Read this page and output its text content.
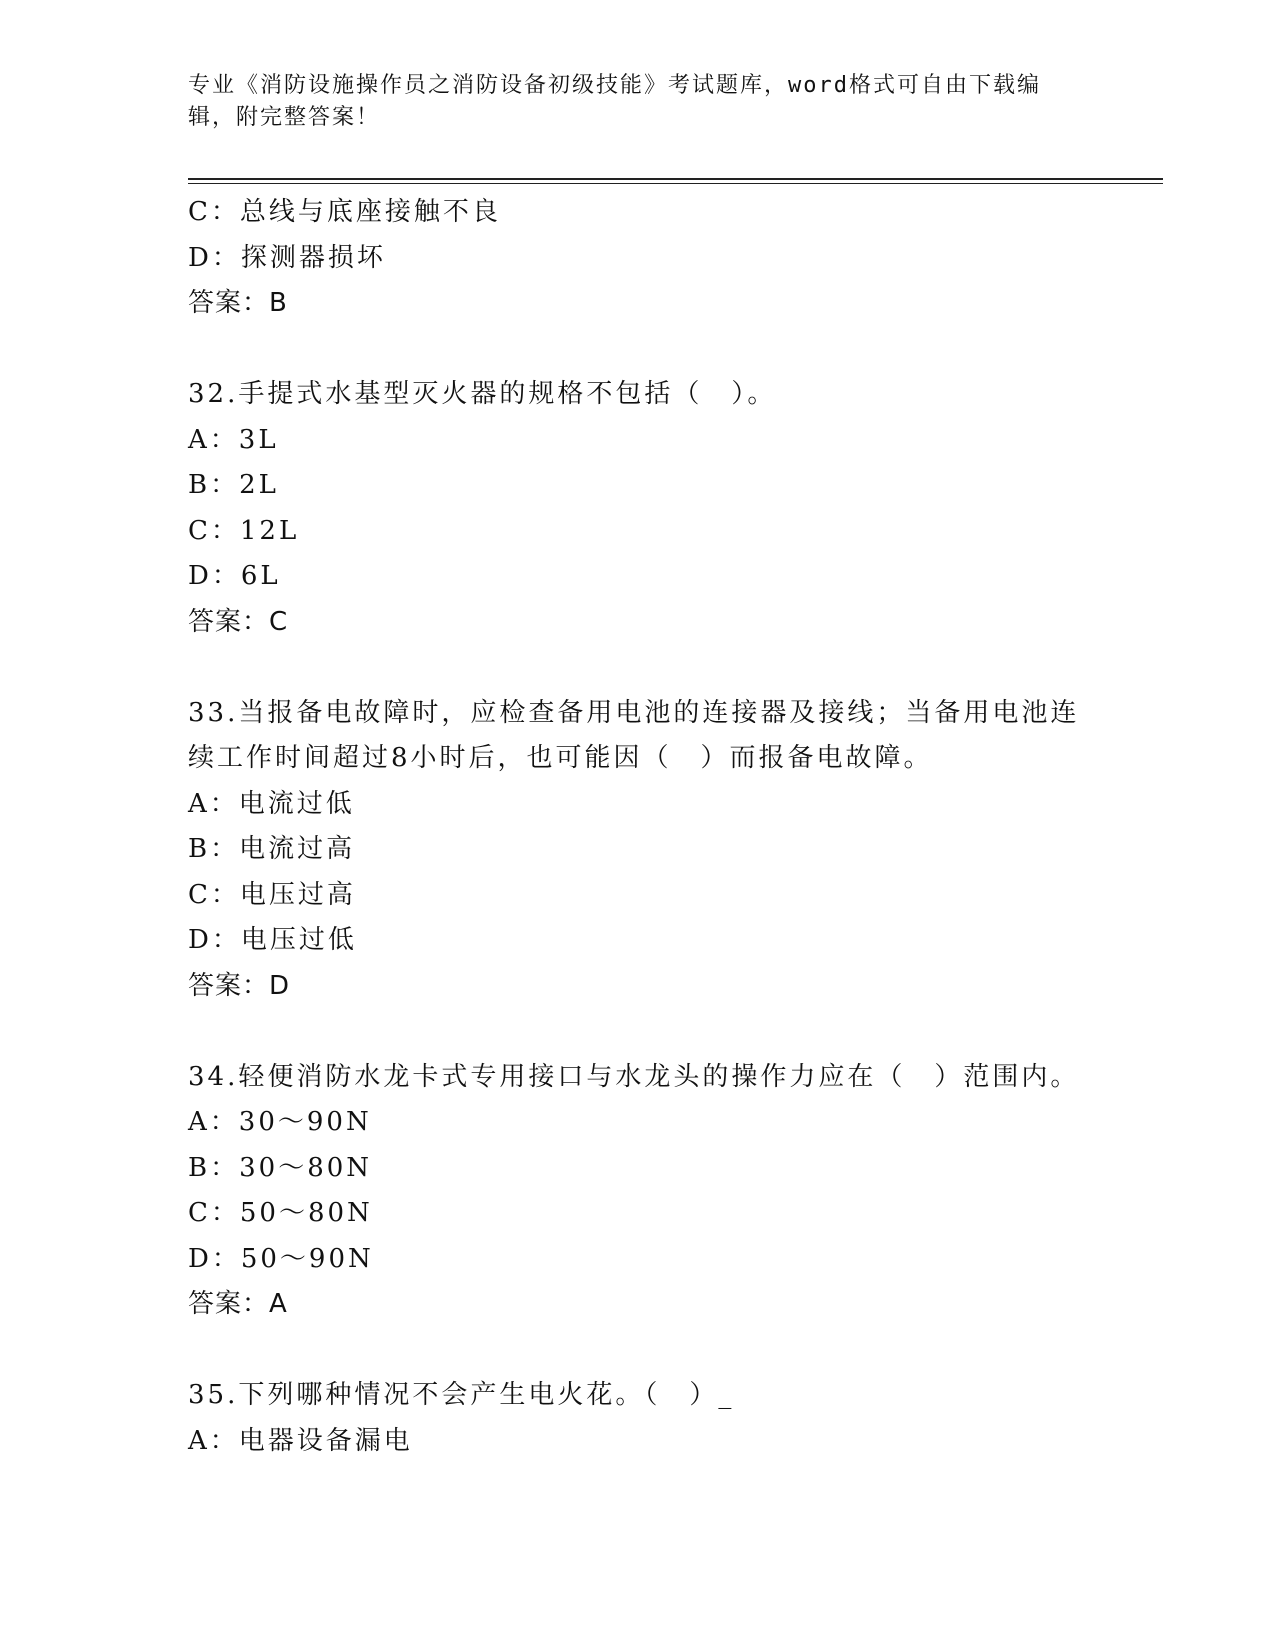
专业《消防设施操作员之消防设备初级技能》考试题库，word格式可自由下载编辑，附完整答案！
C：总线与底座接触不良
D：探测器损坏
答案：B
32.手提式水基型灭火器的规格不包括（　）。
A：3L
B：2L
C：12L
D：6L
答案：C
33.当报备电故障时，应检查备用电池的连接器及接线；当备用电池连
续工作时间超过8小时后，也可能因（　）而报备电故障。
A：电流过低
B：电流过高
C：电压过高
D：电压过低
答案：D
34.轻便消防水龙卡式专用接口与水龙头的操作力应在（　）范围内。
A：30～90N
B：30～80N
C：50～80N
D：50～90N
答案：A
35.下列哪种情况不会产生电火花。（　）_
A：电器设备漏电
